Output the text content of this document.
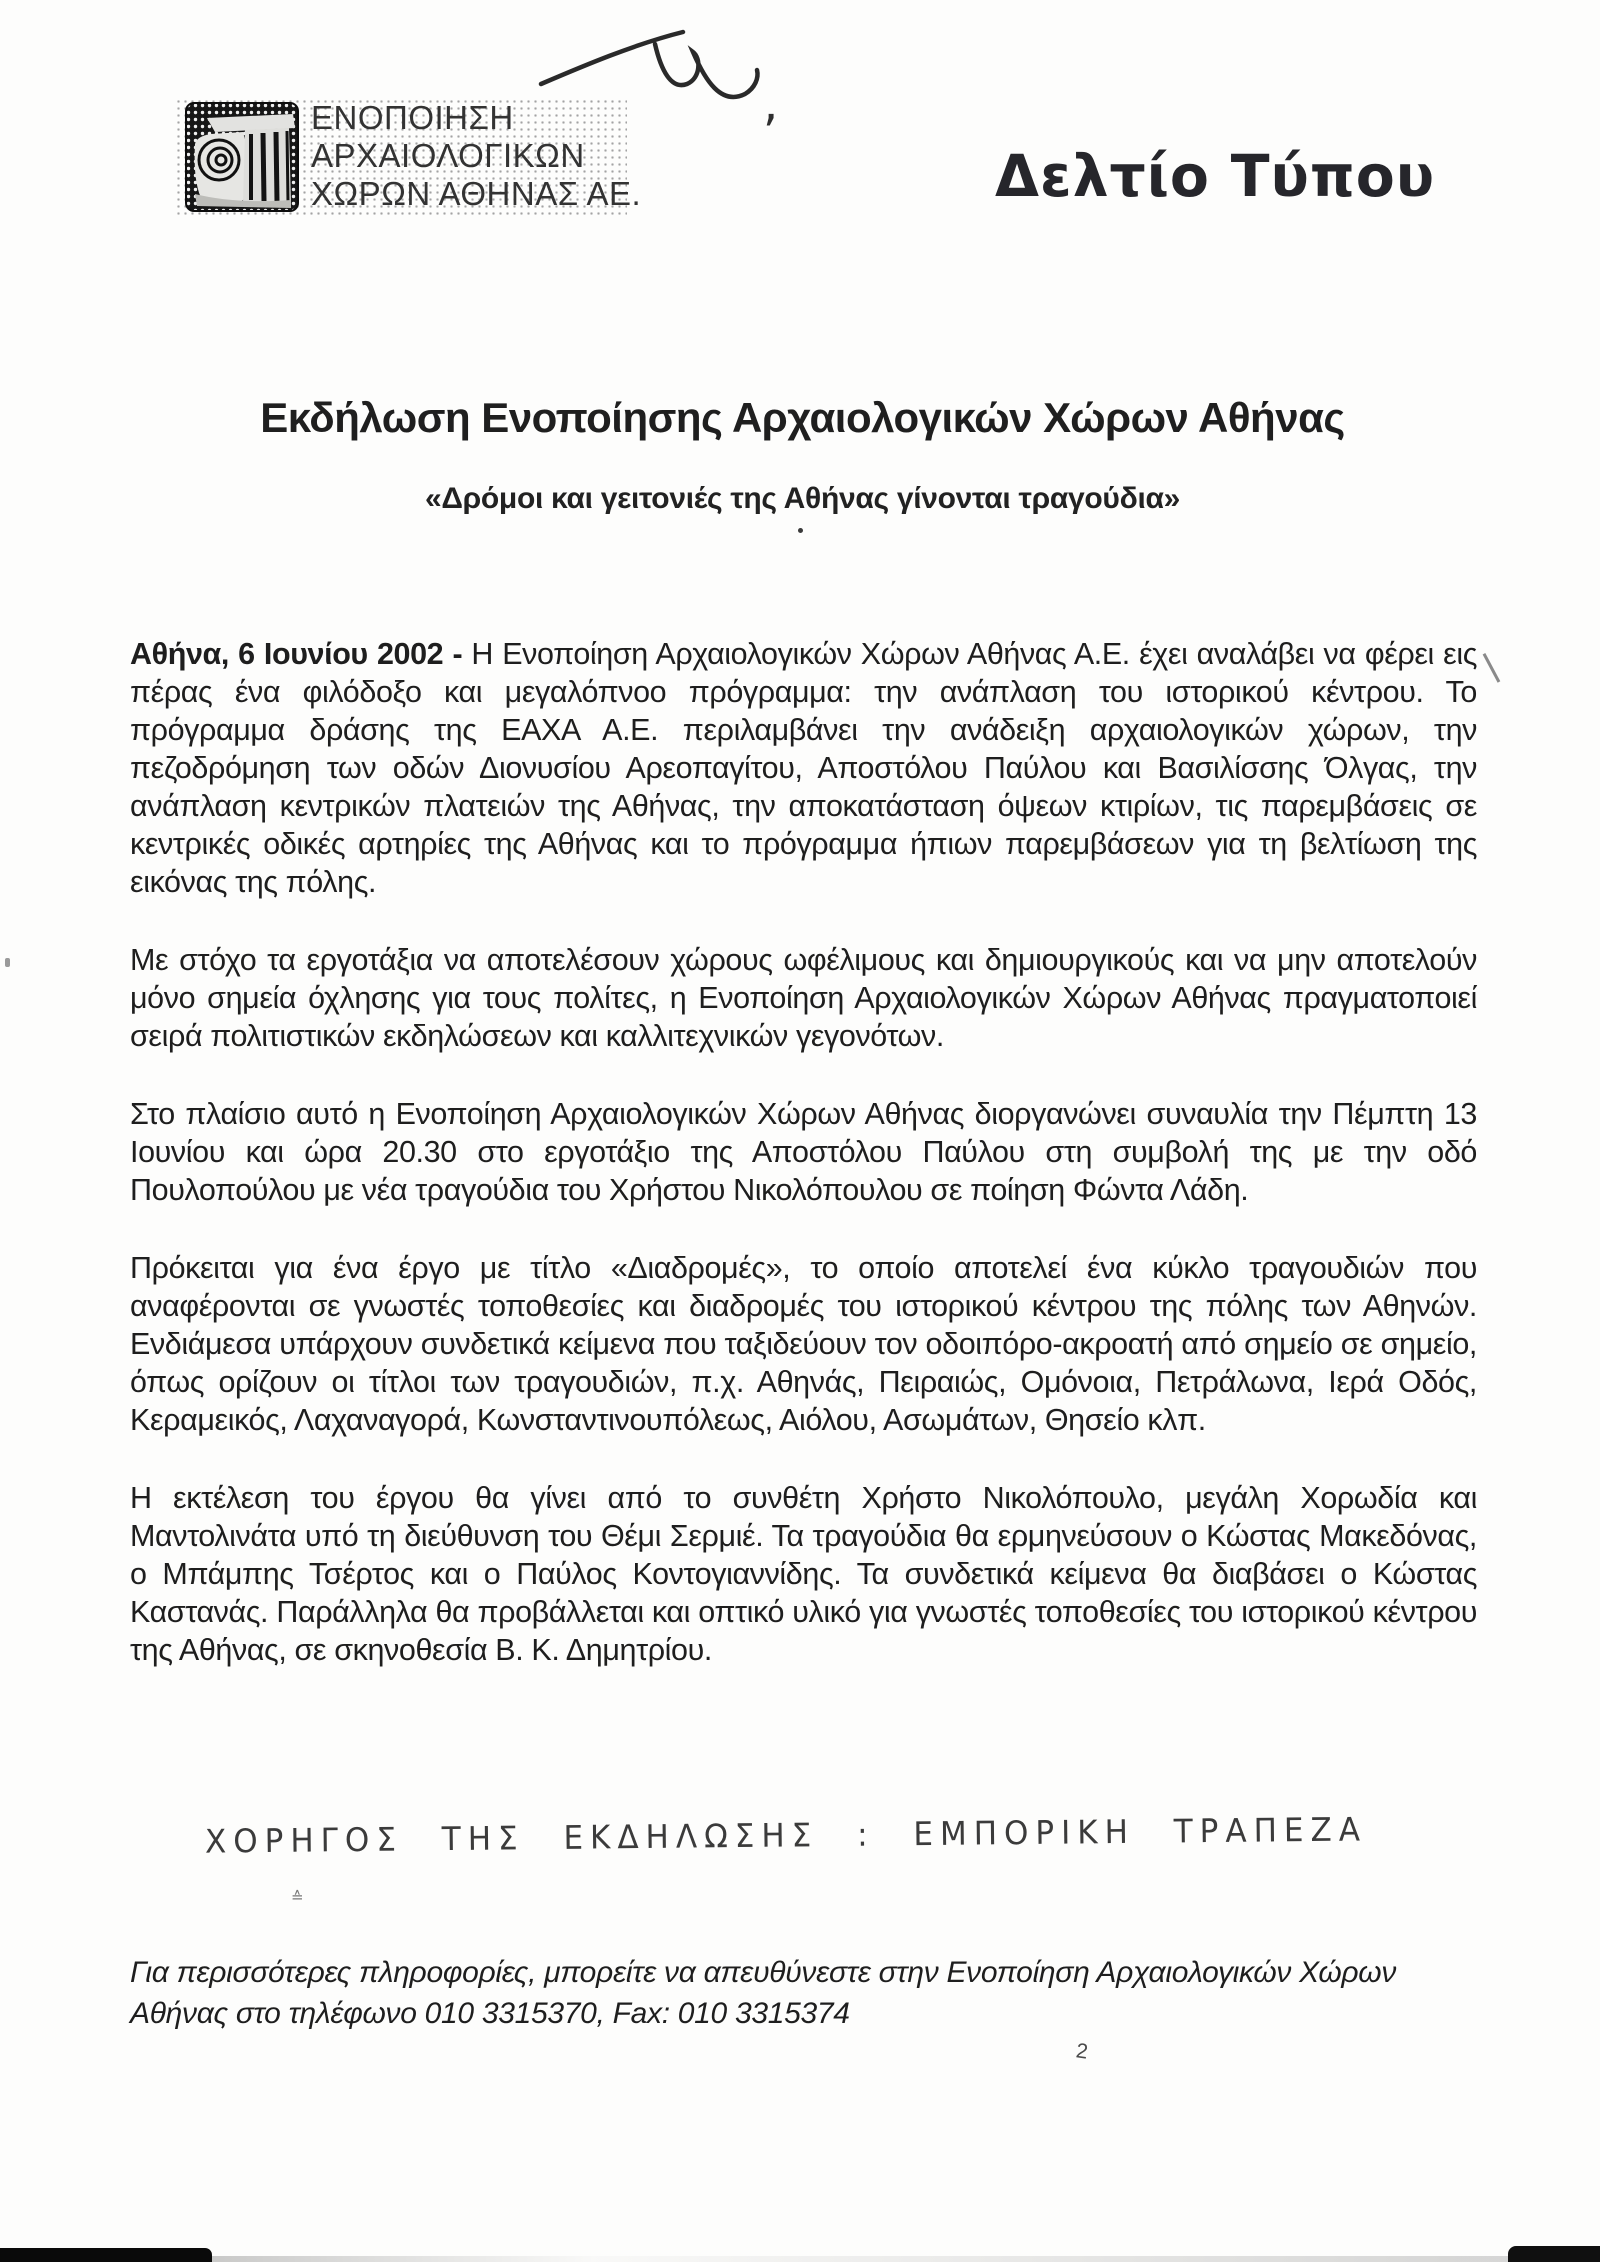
ΕΝΟΠΟΙΗΣΗ
ΑΡΧΑΙΟΛΟΓΙΚΩΝ
ΧΩΡΩΝ ΑΘΗΝΑΣ ΑΕ.
,
Δελτίο Τύπου
Εκδήλωση Ενοποίησης Αρχαιολογικών Χώρων Αθήνας
«Δρόμοι και γειτονιές της Αθήνας γίνονται τραγούδια»

Αθήνα, 6 Ιουνίου 2002 - Η Ενοποίηση Αρχαιολογικών Χώρων Αθήνας Α.Ε. έχει αναλάβει να φέρει εις πέρας ένα φιλόδοξο και μεγαλόπνοο πρόγραμμα: την ανάπλαση του ιστορικού κέντρου. Το πρόγραμμα δράσης της ΕΑΧΑ Α.Ε. περιλαμβάνει την ανάδειξη αρχαιολογικών χώρων, την πεζοδρόμηση των οδών Διονυσίου Αρεοπαγίτου, Αποστόλου Παύλου και Βασιλίσσης Όλγας, την ανάπλαση κεντρικών πλατειών της Αθήνας, την αποκατάσταση όψεων κτιρίων, τις παρεμβάσεις σε κεντρικές οδικές αρτηρίες της Αθήνας και το πρόγραμμα ήπιων παρεμβάσεων για τη βελτίωση της εικόνας της πόλης.

Με στόχο τα εργοτάξια να αποτελέσουν χώρους ωφέλιμους και δημιουργικούς και να μην αποτελούν μόνο σημεία όχλησης για τους πολίτες, η Ενοποίηση Αρχαιολογικών Χώρων Αθήνας πραγματοποιεί σειρά πολιτιστικών εκδηλώσεων και καλλιτεχνικών γεγονότων.

Στο πλαίσιο αυτό η Ενοποίηση Αρχαιολογικών Χώρων Αθήνας διοργανώνει συναυλία την Πέμπτη 13 Ιουνίου και ώρα 20.30 στο εργοτάξιο της Αποστόλου Παύλου στη συμβολή της με την οδό Πουλοπούλου με νέα τραγούδια του Χρήστου Νικολόπουλου σε ποίηση Φώντα Λάδη.

Πρόκειται για ένα έργο με τίτλο «Διαδρομές», το οποίο αποτελεί ένα κύκλο τραγουδιών που αναφέρονται σε γνωστές τοποθεσίες και διαδρομές του ιστορικού κέντρου της πόλης των Αθηνών. Ενδιάμεσα υπάρχουν συνδετικά κείμενα που ταξιδεύουν τον οδοιπόρο-ακροατή από σημείο σε σημείο, όπως ορίζουν οι τίτλοι των τραγουδιών, π.χ. Αθηνάς, Πειραιώς, Ομόνοια, Πετράλωνα, Ιερά Οδός, Κεραμεικός, Λαχαναγορά, Κωνσταντινουπόλεως, Αιόλου, Ασωμάτων, Θησείο κλπ.

Η εκτέλεση του έργου θα γίνει από το συνθέτη Χρήστο Νικολόπουλο, μεγάλη Χορωδία και Μαντολινάτα υπό τη διεύθυνση του Θέμι Σερμιέ. Τα τραγούδια θα ερμηνεύσουν ο Κώστας Μακεδόνας, ο Μπάμπης Τσέρτος και ο Παύλος Κοντογιαννίδης. Τα συνδετικά κείμενα θα διαβάσει ο Κώστας Καστανάς. Παράλληλα θα προβάλλεται και οπτικό υλικό για γνωστές τοποθεσίες του ιστορικού κέντρου της Αθήνας, σε σκηνοθεσία Β. Κ. Δημητρίου.

ΧΟΡΗΓΟΣ ΤΗΣ ΕΚΔΗΛΩΣΗΣ : ΕΜΠΟΡΙΚΗ ΤΡΑΠΕΖΑ
≙
Για περισσότερες πληροφορίες, μπορείτε να απευθύνεστε στην Ενοποίηση Αρχαιολογικών Χώρων
Αθήνας στο τηλέφωνο 010 3315370, Fax: 010 3315374
2
